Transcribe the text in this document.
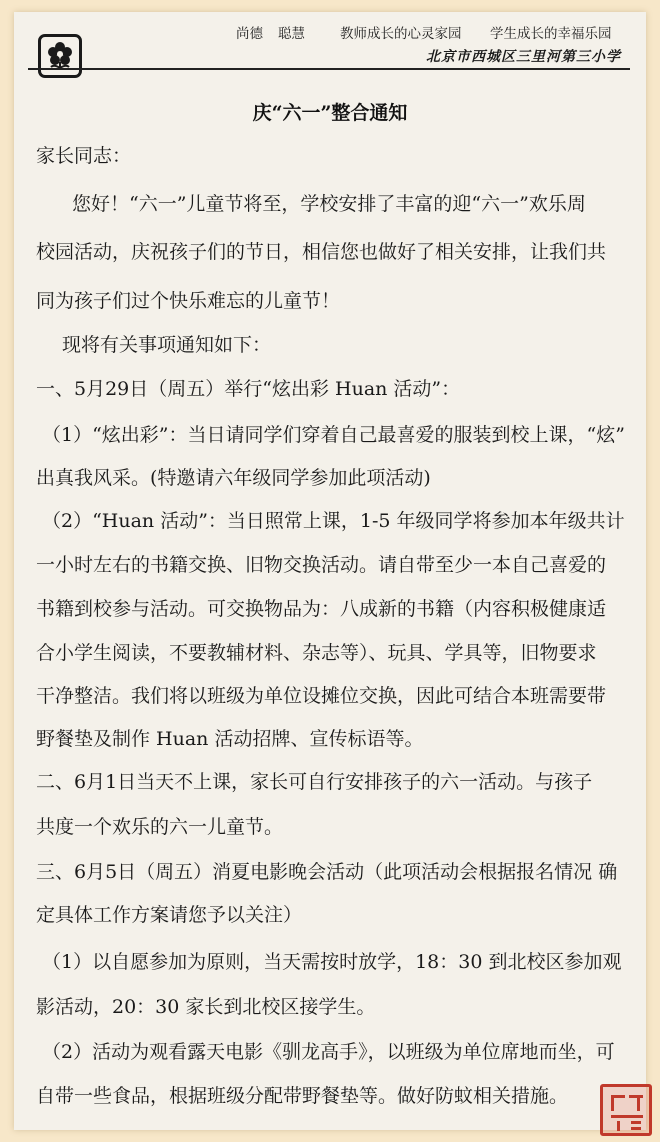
尚德 聪慧	教师成长的心灵家园 学生成长的幸福乐园
北京市西城区三里河第三小学
庆“六一”整合通知
家长同志：
您好！“六一”儿童节将至，学校安排了丰富的迎“六一”欢乐周
校园活动，庆祝孩子们的节日，相信您也做好了相关安排，让我们共
同为孩子们过个快乐难忘的儿童节！
现将有关事项通知如下：
一、5月29日（周五）举行“炫出彩 Huan 活动”：
（1）“炫出彩”：当日请同学们穿着自己最喜爱的服装到校上课，“炫”
出真我风采。(特邀请六年级同学参加此项活动)
（2）“Huan 活动”：当日照常上课，1-5 年级同学将参加本年级共计
一小时左右的书籍交换、旧物交换活动。请自带至少一本自己喜爱的
书籍到校参与活动。可交换物品为：八成新的书籍（内容积极健康适
合小学生阅读，不要教辅材料、杂志等）、玩具、学具等，旧物要求
干净整洁。我们将以班级为单位设摊位交换，因此可结合本班需要带
野餐垫及制作 Huan 活动招牌、宣传标语等。
二、6月1日当天不上课，家长可自行安排孩子的六一活动。与孩子
共度一个欢乐的六一儿童节。
三、6月5日（周五）消夏电影晚会活动（此项活动会根据报名情况 确
定具体工作方案请您予以关注）
（1）以自愿参加为原则，当天需按时放学，18：30 到北校区参加观
影活动，20：30 家长到北校区接学生。
（2）活动为观看露天电影《驯龙高手》，以班级为单位席地而坐，可
自带一些食品，根据班级分配带野餐垫等。做好防蚊相关措施。
